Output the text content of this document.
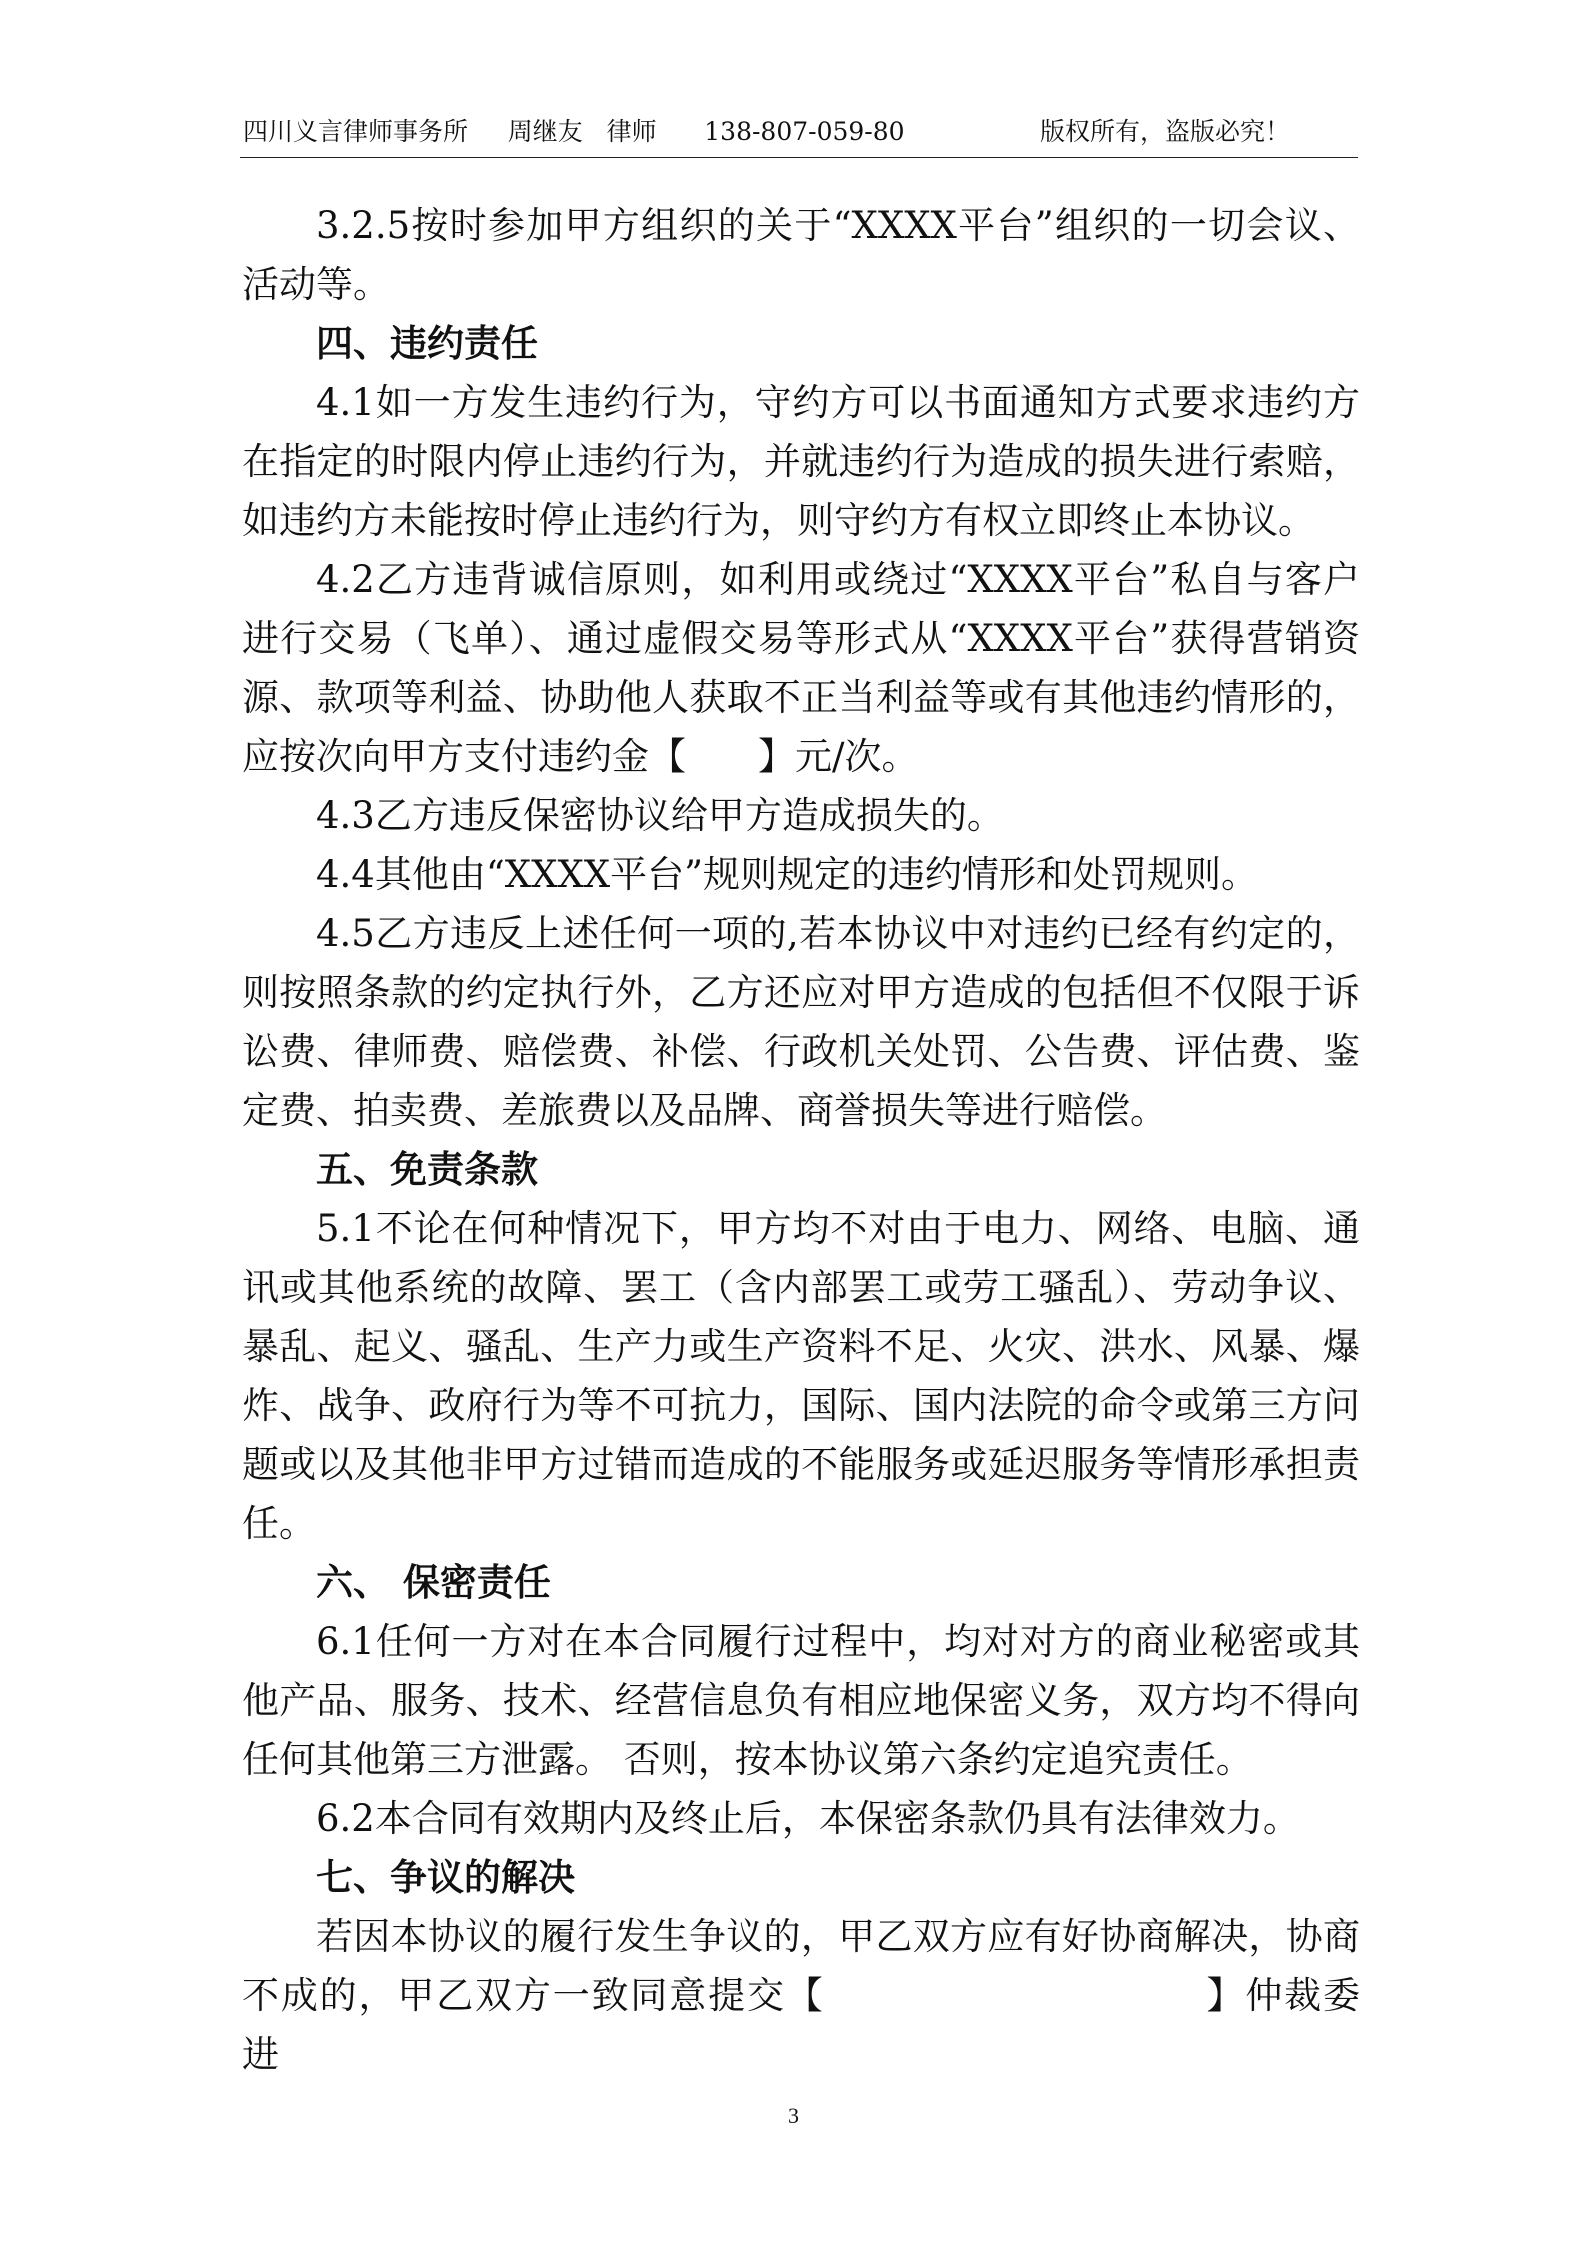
四川义言律师事务所     周继友   律师      138-807-059-80	版权所有，盗版必究！

3.2.5按时参加甲方组织的关于“XXXX平台”组织的一切会议、活动等。

四、违约责任

4.1如一方发生违约行为，守约方可以书面通知方式要求违约方在指定的时限内停止违约行为，并就违约行为造成的损失进行索赔，如违约方未能按时停止违约行为，则守约方有权立即终止本协议。

4.2乙方违背诚信原则，如利用或绕过“XXXX平台”私自与客户进行交易（飞单）、通过虚假交易等形式从“XXXX平台”获得营销资源、款项等利益、协助他人获取不正当利益等或有其他违约情形的，应按次向甲方支付违约金【 】元/次。

4.3乙方违反保密协议给甲方造成损失的。

4.4其他由“XXXX平台”规则规定的违约情形和处罚规则。

4.5乙方违反上述任何一项的,若本协议中对违约已经有约定的，则按照条款的约定执行外，乙方还应对甲方造成的包括但不仅限于诉讼费、律师费、赔偿费、补偿、行政机关处罚、公告费、评估费、鉴定费、拍卖费、差旅费以及品牌、商誉损失等进行赔偿。

五、免责条款

5.1不论在何种情况下，甲方均不对由于电力、网络、电脑、通讯或其他系统的故障、罢工（含内部罢工或劳工骚乱）、劳动争议、暴乱、起义、骚乱、生产力或生产资料不足、火灾、洪水、风暴、爆炸、战争、政府行为等不可抗力，国际、国内法院的命令或第三方问题或以及其他非甲方过错而造成的不能服务或延迟服务等情形承担责任。

六、 保密责任

6.1任何一方对在本合同履行过程中，均对对方的商业秘密或其他产品、服务、技术、经营信息负有相应地保密义务，双方均不得向任何其他第三方泄露。 否则，按本协议第六条约定追究责任。

6.2本合同有效期内及终止后，本保密条款仍具有法律效力。

七、争议的解决

若因本协议的履行发生争议的，甲乙双方应有好协商解决，协商不成的，甲乙双方一致同意提交【	】仲裁委进

3
